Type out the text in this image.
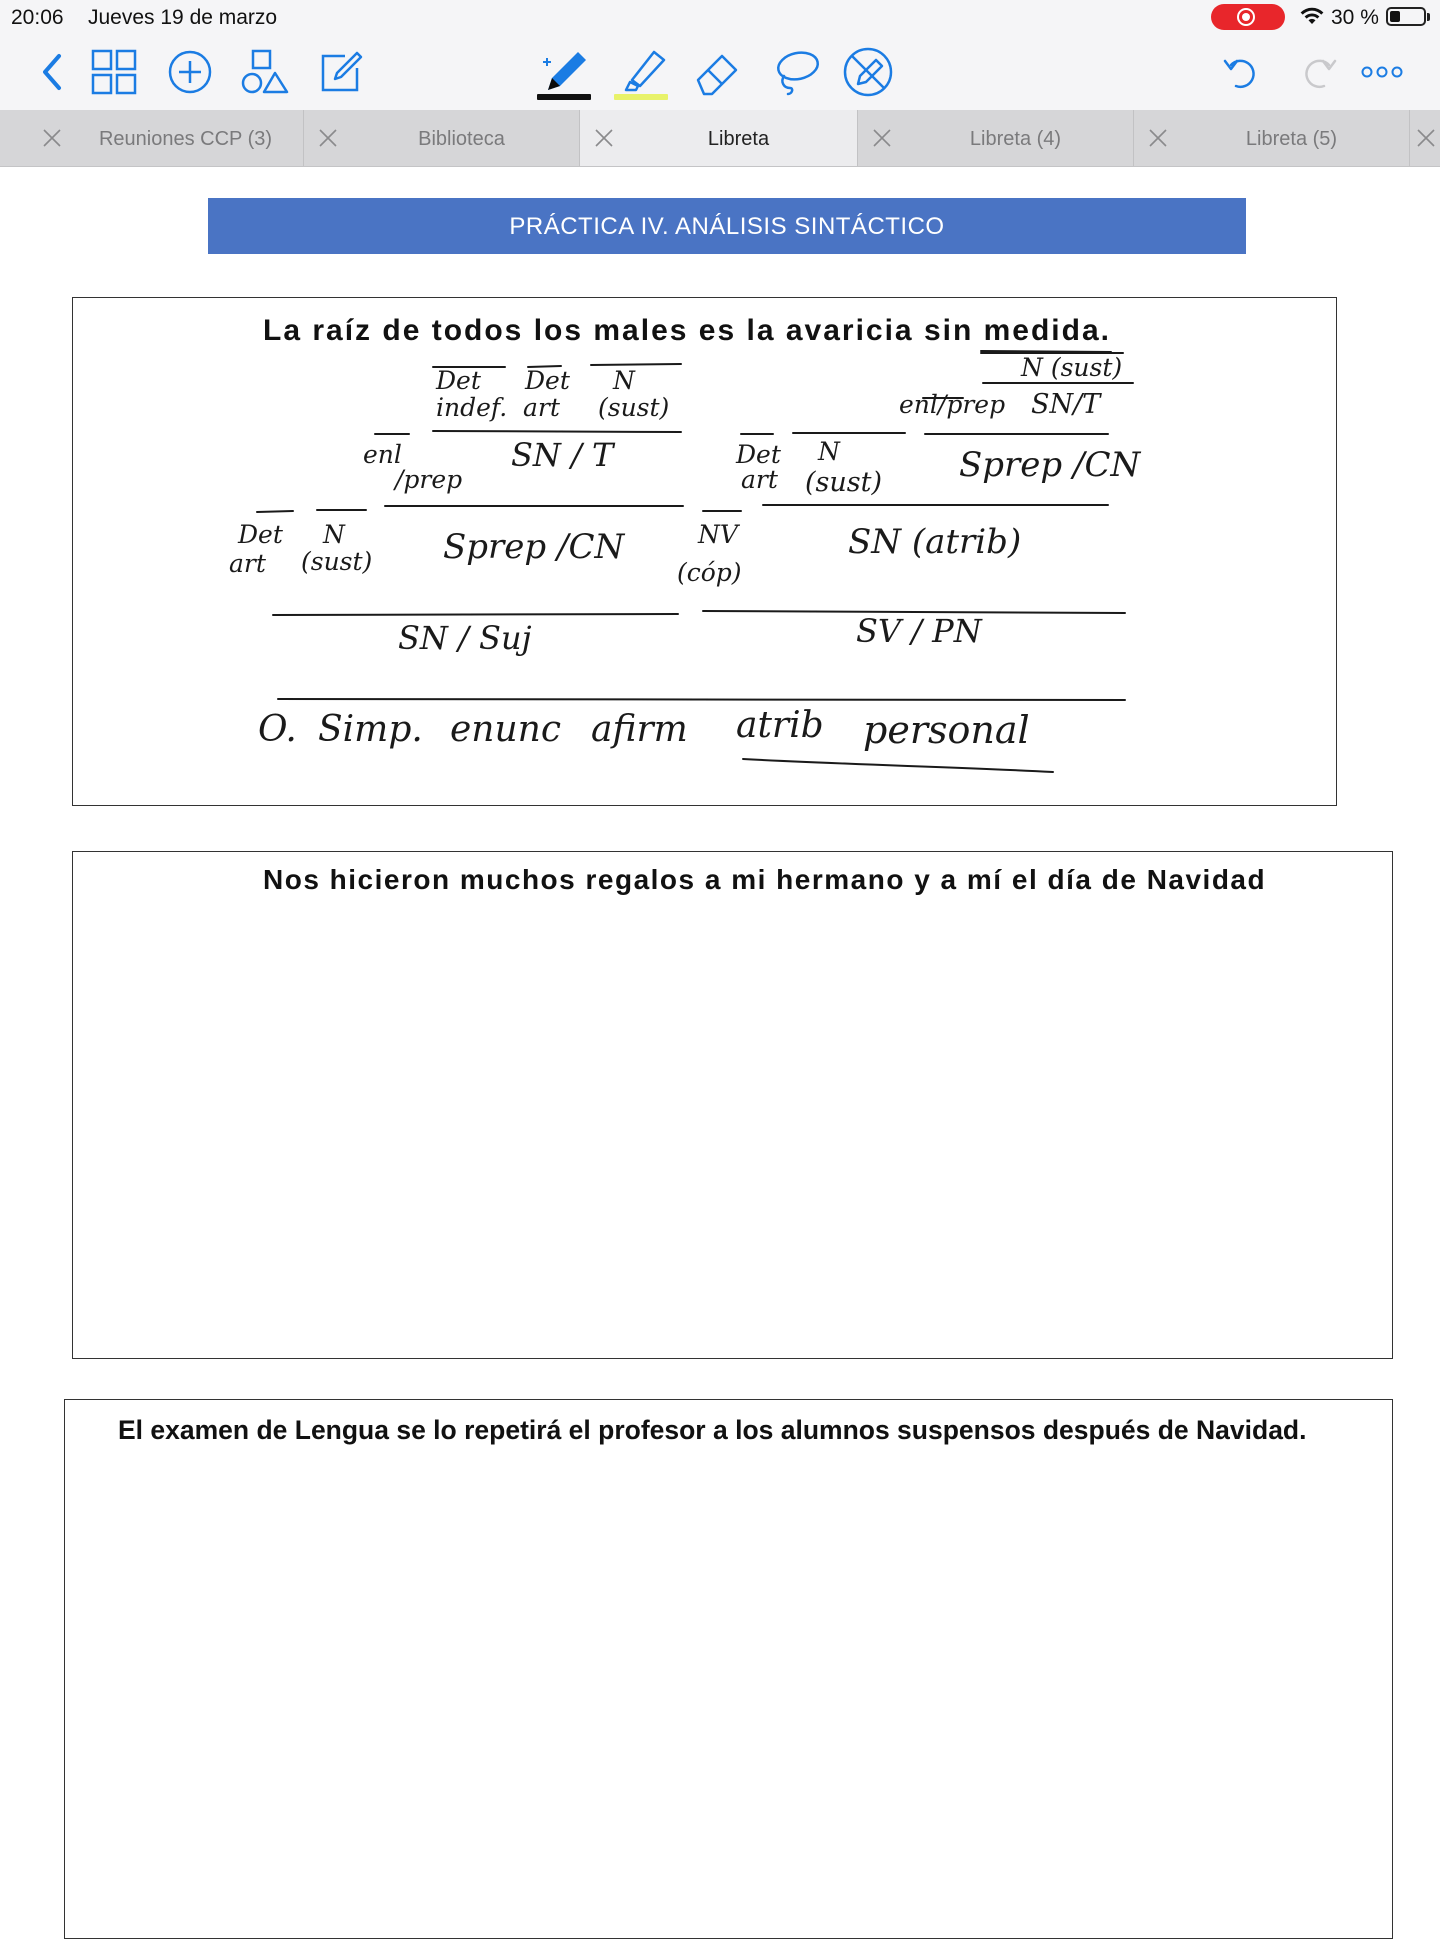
20:06 Jueves 19 de marzo	30 %
Reuniones CCP (3)	Biblioteca	Libreta	Libreta (4)	Libreta (5)
PRÁCTICA IV. ANÁLISIS SINTÁCTICO
La raíz de todos los males es la avaricia sin medida.
Det
indef.
Det
art
N
(sust)
N (sust)
enl/prep SN/T
enl
/prep
SN / T	Det
art
N
(sust) Sprep /CN
Det
art
N
(sust) Sprep /CN	NV
(cóp)
SN (atrib)
SN / Suj	SV / PN
O. Simp. enunc afirm atrib personal
Nos hicieron muchos regalos a mi hermano y a mí el día de Navidad
El examen de Lengua se lo repetirá el profesor a los alumnos suspensos después de Navidad.
